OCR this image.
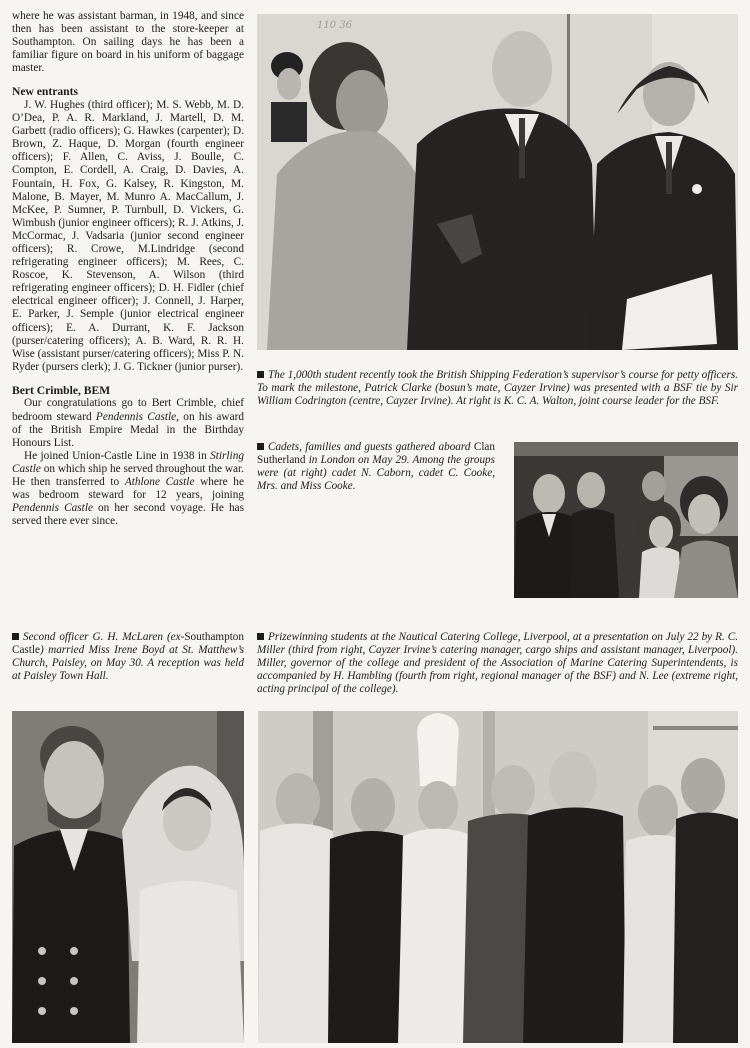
where he was assistant barman, in 1948, and since then has been assistant to the store-keeper at Southampton. On sailing days he has been a familiar figure on board in his uniform of baggage master.

New entrants

J. W. Hughes (third officer); M. S. Webb, M. D. O’Dea, P. A. R. Markland, J. Martell, D. M. Garbett (radio officers); G. Hawkes (carpenter); D. Brown, Z. Haque, D. Morgan (fourth engineer officers); F. Allen, C. Aviss, J. Boulle, C. Compton, E. Cordell, A. Craig, D. Davies, A. Fountain, H. Fox, G. Kalsey, R. Kingston, M. Malone, B. Mayer, M. Munro A. MacCallum, J. McKee, P. Sumner, P. Turnbull, D. Vickers, G. Wimbush (junior engineer officers); R. J. Atkins, J. McCormac, J. Vadsaria (junior second engineer officers); R. Crowe, M.Lindridge (second refrigerating engineer officers); M. Rees, C. Roscoe, K. Stevenson, A. Wilson (third refrigerating engineer officers); D. H. Fidler (chief electrical engineer officer); J. Connell, J. Harper, E. Parker, J. Semple (junior electrical engineer officers); E. A. Durrant, K. F. Jackson (purser/catering officers); A. B. Ward, R. R. H. Wise (assistant purser/catering officers); Miss P. N. Ryder (pursers clerk); J. G. Tickner (junior purser).

Bert Crimble, BEM

Our congratulations go to Bert Crimble, chief bedroom steward Pendennis Castle, on his award of the British Empire Medal in the Birthday Honours List.

He joined Union-Castle Line in 1938 in Stirling Castle on which ship he served throughout the war. He then transferred to Athlone Castle where he was bedroom steward for 12 years, joining Pendennis Castle on her second voyage. He has served there ever since.

110 36
The 1,000th student recently took the British Shipping Federation’s supervisor’s course for petty officers. To mark the milestone, Patrick Clarke (bosun’s mate, Cayzer Irvine) was presented with a BSF tie by Sir William Codrington (centre, Cayzer Irvine). At right is K. C. A. Walton, joint course leader for the BSF.
Cadets, families and guests gathered aboard Clan Sutherland in London on May 29. Among the groups were (at right) cadet N. Caborn, cadet C. Cooke, Mrs. and Miss Cooke.
Second officer G. H. McLaren (ex-Southampton Castle) married Miss Irene Boyd at St. Matthew’s Church, Paisley, on May 30. A reception was held at Paisley Town Hall.
Prizewinning students at the Nautical Catering College, Liverpool, at a presentation on July 22 by R. C. Miller (third from right, Cayzer Irvine’s catering manager, cargo ships and assistant manager, Liverpool). Miller, governor of the college and president of the Association of Marine Catering Superintendents, is accompanied by H. Hambling (fourth from right, regional manager of the BSF) and N. Lee (extreme right, acting principal of the college).
